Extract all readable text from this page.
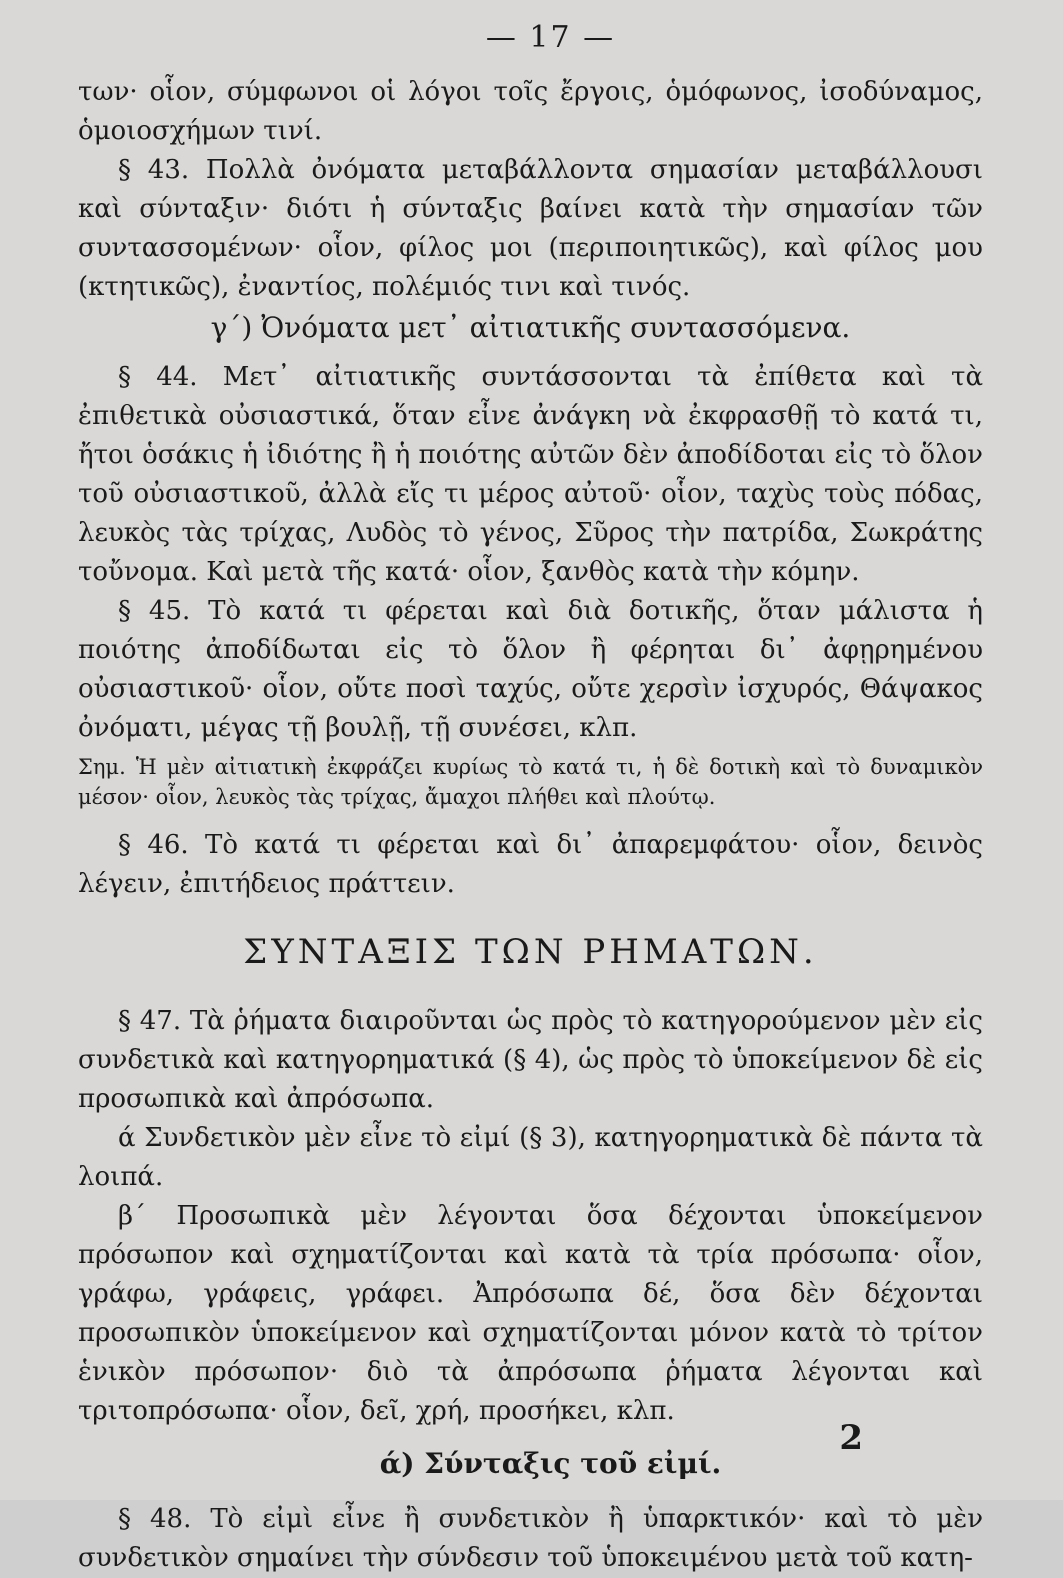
— 17 —

των· οἷον, σύμφωνοι οἱ λόγοι τοῖς ἔργοις, ὁμόφωνος, ἰσοδύναμος, ὁμοιοσχήμων τινί.

§ 43. Πολλὰ ὀνόματα μεταβάλλοντα σημασίαν μεταβάλλουσι καὶ σύνταξιν· διότι ἡ σύνταξις βαίνει κατὰ τὴν σημασίαν τῶν συντασσομένων· οἷον, φίλος μοι (περιποιητικῶς), καὶ φίλος μου (κτητικῶς), ἐναντίος, πολέμιός τινι καὶ τινός.

γ΄) Ὀνόματα μετ᾽ αἰτιατικῆς συντασσόμενα.

§ 44. Μετ᾽ αἰτιατικῆς συντάσσονται τὰ ἐπίθετα καὶ τὰ ἐπιθετικὰ οὐσιαστικά, ὅταν εἶνε ἀνάγκη νὰ ἐκφρασθῇ τὸ κατά τι, ἤτοι ὁσάκις ἡ ἰδιότης ἢ ἡ ποιότης αὐτῶν δὲν ἀποδίδοται εἰς τὸ ὅλον τοῦ οὐσιαστικοῦ, ἀλλὰ εἴς τι μέρος αὐτοῦ· οἷον, ταχὺς τοὺς πόδας, λευκὸς τὰς τρίχας, Λυδὸς τὸ γένος, Σῦρος τὴν πατρίδα, Σωκράτης τοὔνομα. Καὶ μετὰ τῆς κατά· οἷον, ξανθὸς κατὰ τὴν κόμην.

§ 45. Τὸ κατά τι φέρεται καὶ διὰ δοτικῆς, ὅταν μάλιστα ἡ ποιότης ἀποδίδωται εἰς τὸ ὅλον ἢ φέρηται δι᾽ ἀφῃρημένου οὐσιαστικοῦ· οἷον, οὔτε ποσὶ ταχύς, οὔτε χερσὶν ἰσχυρός, Θάψακος ὀνόματι, μέγας τῇ βουλῇ, τῇ συνέσει, κλπ.

Σημ. Ἡ μὲν αἰτιατικὴ ἐκφράζει κυρίως τὸ κατά τι, ἡ δὲ δοτικὴ καὶ τὸ δυναμικὸν μέσον· οἷον, λευκὸς τὰς τρίχας, ἄμαχοι πλήθει καὶ πλούτῳ.

§ 46. Τὸ κατά τι φέρεται καὶ δι᾽ ἀπαρεμφάτου· οἷον, δεινὸς λέγειν, ἐπιτήδειος πράττειν.

ΣΥΝΤΑΞΙΣ ΤΩΝ ΡΗΜΑΤΩΝ.

§ 47. Τὰ ῥήματα διαιροῦνται ὡς πρὸς τὸ κατηγορούμενον μὲν εἰς συνδετικὰ καὶ κατηγορηματικά (§ 4), ὡς πρὸς τὸ ὑποκείμενον δὲ εἰς προσωπικὰ καὶ ἀπρόσωπα.

ά Συνδετικὸν μὲν εἶνε τὸ εἰμί (§ 3), κατηγορηματικὰ δὲ πάντα τὰ λοιπά.

β΄ Προσωπικὰ μὲν λέγονται ὅσα δέχονται ὑποκείμενον πρόσωπον καὶ σχηματίζονται καὶ κατὰ τὰ τρία πρόσωπα· οἷον, γράφω, γράφεις, γράφει. Ἀπρόσωπα δέ, ὅσα δὲν δέχονται προσωπικὸν ὑποκείμενον καὶ σχηματίζονται μόνον κατὰ τὸ τρίτον ἑνικὸν πρόσωπον· διὸ τὰ ἀπρόσωπα ῥήματα λέγονται καὶ τριτοπρόσωπα· οἷον, δεῖ, χρή, προσήκει, κλπ.

ά) Σύνταξις τοῦ εἰμί.

§ 48. Τὸ εἰμὶ εἶνε ἢ συνδετικὸν ἢ ὑπαρκτικόν· καὶ τὸ μὲν συνδετικὸν σημαίνει τὴν σύνδεσιν τοῦ ὑποκειμένου μετὰ τοῦ κατη-

2
